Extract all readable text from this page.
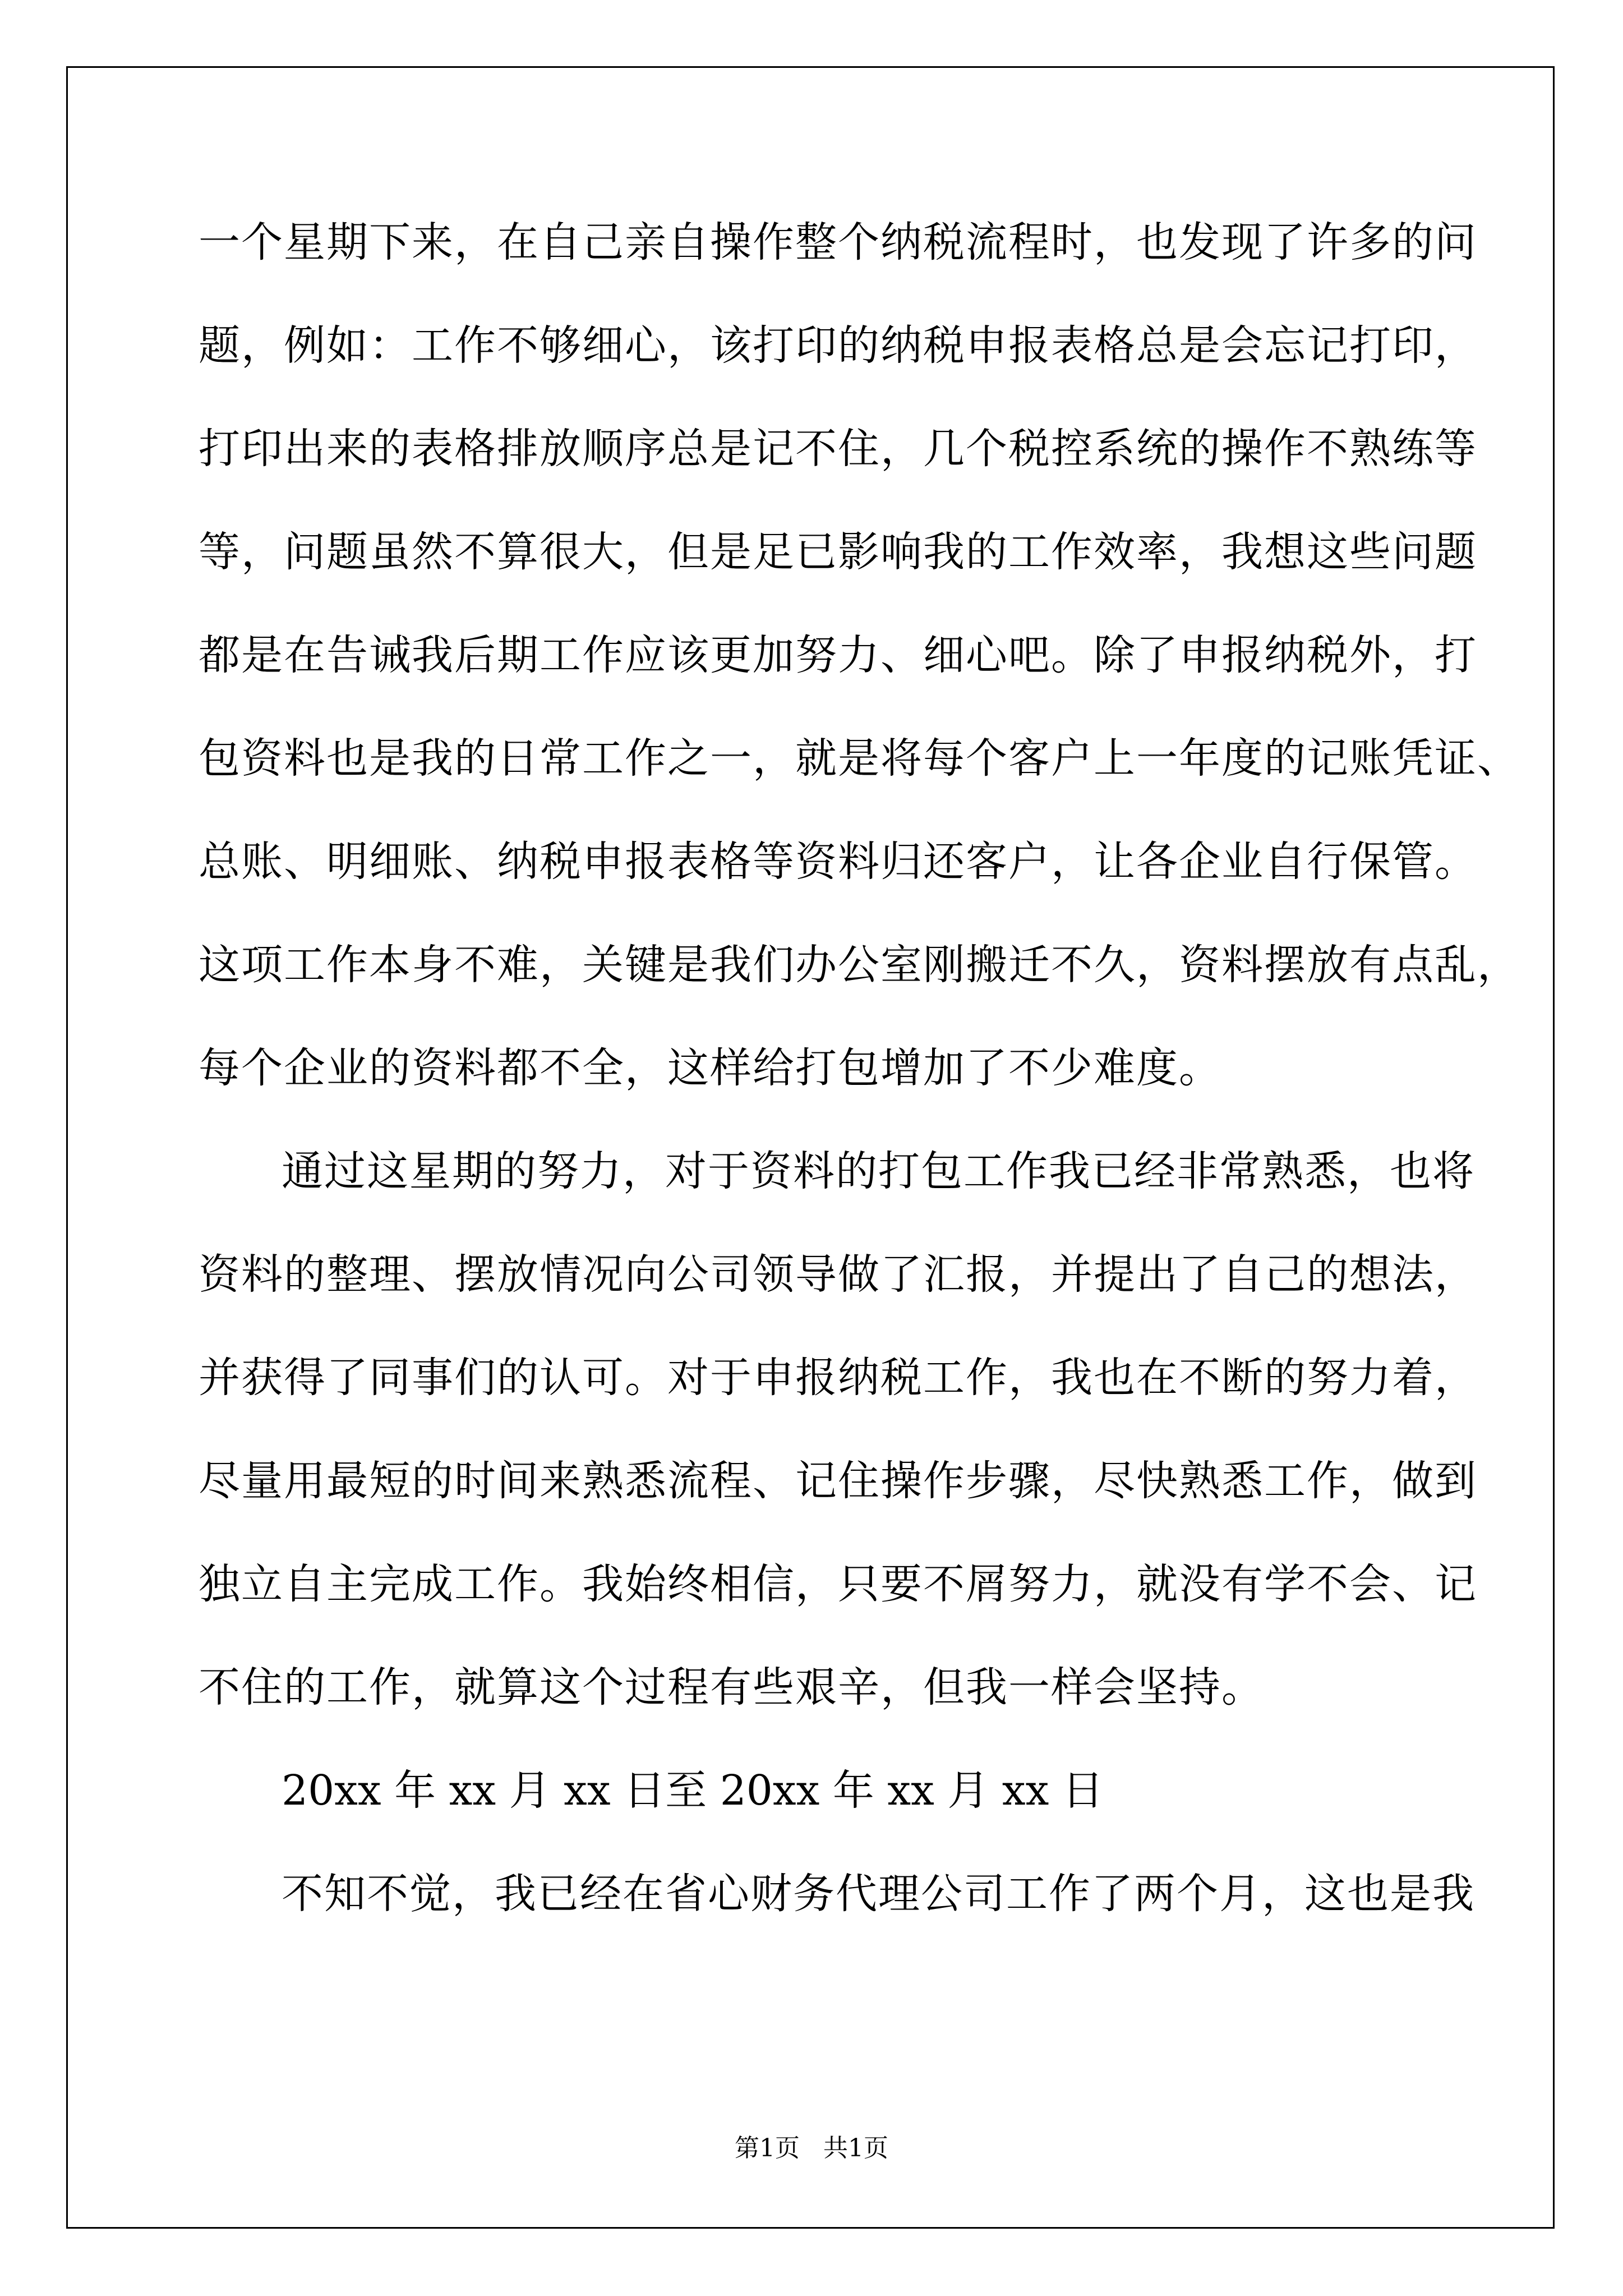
一个星期下来，在自己亲自操作整个纳税流程时，也发现了许多的问
题，例如：工作不够细心，该打印的纳税申报表格总是会忘记打印，
打印出来的表格排放顺序总是记不住，几个税控系统的操作不熟练等
等，问题虽然不算很大，但是足已影响我的工作效率，我想这些问题
都是在告诫我后期工作应该更加努力、细心吧。除了申报纳税外，打
包资料也是我的日常工作之一，就是将每个客户上一年度的记账凭证、
总账、明细账、纳税申报表格等资料归还客户，让各企业自行保管。
这项工作本身不难，关键是我们办公室刚搬迁不久，资料摆放有点乱，
每个企业的资料都不全，这样给打包增加了不少难度。
通过这星期的努力，对于资料的打包工作我已经非常熟悉，也将
资料的整理、摆放情况向公司领导做了汇报，并提出了自己的想法，
并获得了同事们的认可。对于申报纳税工作，我也在不断的努力着，
尽量用最短的时间来熟悉流程、记住操作步骤，尽快熟悉工作，做到
独立自主完成工作。我始终相信，只要不屑努力，就没有学不会、记
不住的工作，就算这个过程有些艰辛，但我一样会坚持。
20xx 年 xx 月 xx 日至 20xx 年 xx 月 xx 日
不知不觉，我已经在省心财务代理公司工作了两个月，这也是我
第1页   共1页
